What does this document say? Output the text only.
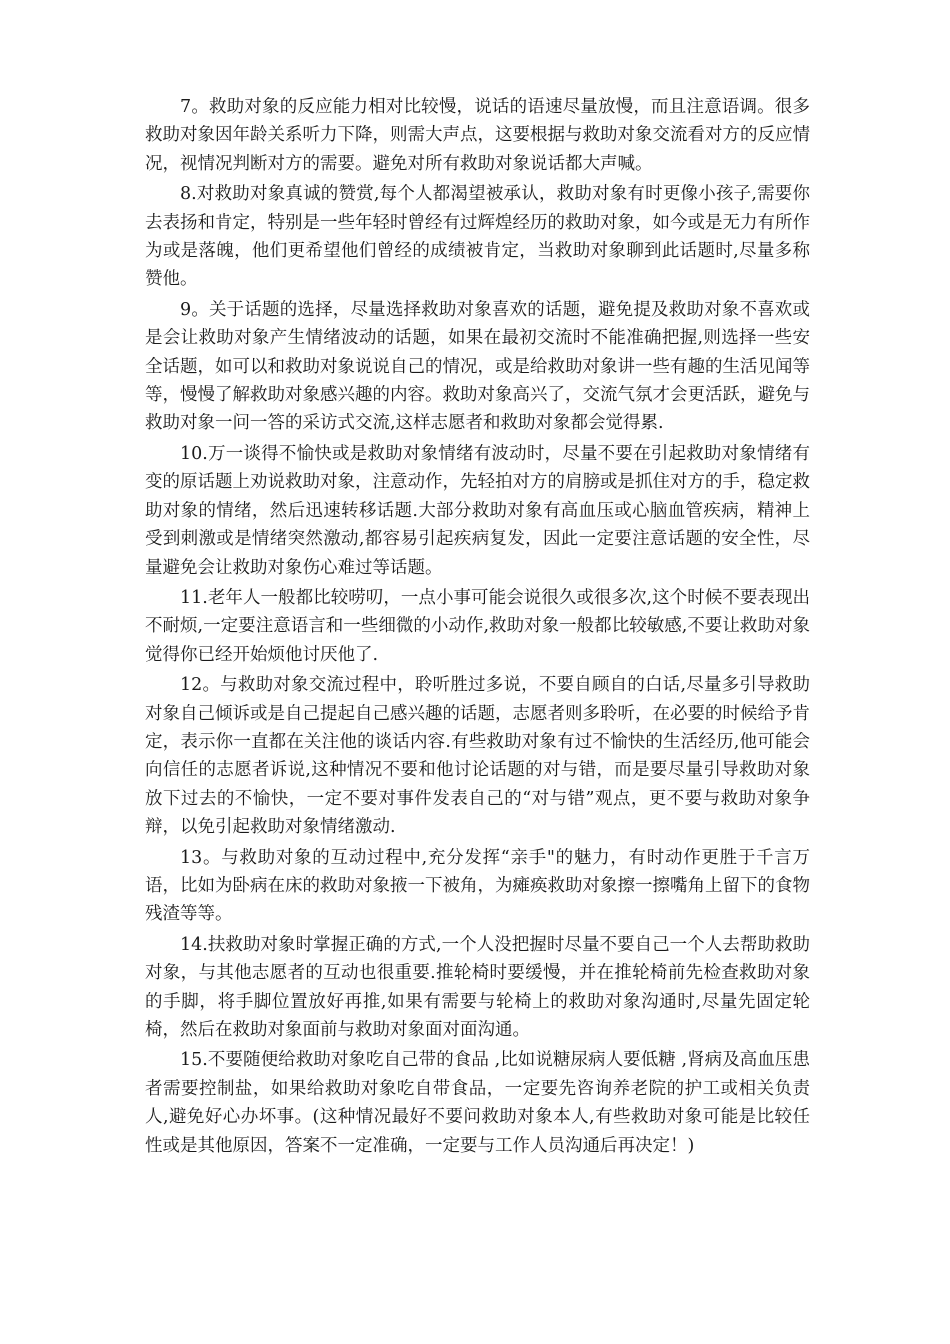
7。救助对象的反应能力相对比较慢，说话的语速尽量放慢，而且注意语调。很多救助对象因年龄关系听力下降，则需大声点，这要根据与救助对象交流看对方的反应情况，视情况判断对方的需要。避免对所有救助对象说话都大声喊。

8.对救助对象真诚的赞赏,每个人都渴望被承认，救助对象有时更像小孩子,需要你去表扬和肯定，特别是一些年轻时曾经有过辉煌经历的救助对象，如今或是无力有所作为或是落魄，他们更希望他们曾经的成绩被肯定，当救助对象聊到此话题时,尽量多称赞他。

9。关于话题的选择，尽量选择救助对象喜欢的话题，避免提及救助对象不喜欢或是会让救助对象产生情绪波动的话题，如果在最初交流时不能准确把握,则选择一些安全话题，如可以和救助对象说说自己的情况，或是给救助对象讲一些有趣的生活见闻等等，慢慢了解救助对象感兴趣的内容。救助对象高兴了，交流气氛才会更活跃，避免与救助对象一问一答的采访式交流,这样志愿者和救助对象都会觉得累.

10.万一谈得不愉快或是救助对象情绪有波动时，尽量不要在引起救助对象情绪有变的原话题上劝说救助对象，注意动作，先轻拍对方的肩膀或是抓住对方的手，稳定救助对象的情绪，然后迅速转移话题.大部分救助对象有高血压或心脑血管疾病，精神上受到刺激或是情绪突然激动,都容易引起疾病复发，因此一定要注意话题的安全性，尽量避免会让救助对象伤心难过等话题。

11.老年人一般都比较唠叨，一点小事可能会说很久或很多次,这个时候不要表现出不耐烦,一定要注意语言和一些细微的小动作,救助对象一般都比较敏感,不要让救助对象觉得你已经开始烦他讨厌他了.

12。与救助对象交流过程中，聆听胜过多说，不要自顾自的白话,尽量多引导救助对象自己倾诉或是自己提起自己感兴趣的话题，志愿者则多聆听，在必要的时候给予肯定，表示你一直都在关注他的谈话内容.有些救助对象有过不愉快的生活经历,他可能会向信任的志愿者诉说,这种情况不要和他讨论话题的对与错，而是要尽量引导救助对象放下过去的不愉快，一定不要对事件发表自己的“对与错”观点，更不要与救助对象争辩，以免引起救助对象情绪激动.

13。与救助对象的互动过程中,充分发挥“亲手"的魅力，有时动作更胜于千言万语，比如为卧病在床的救助对象掖一下被角，为瘫痪救助对象擦一擦嘴角上留下的食物残渣等等。

14.扶救助对象时掌握正确的方式,一个人没把握时尽量不要自己一个人去帮助救助对象，与其他志愿者的互动也很重要.推轮椅时要缓慢，并在推轮椅前先检查救助对象的手脚，将手脚位置放好再推,如果有需要与轮椅上的救助对象沟通时,尽量先固定轮椅，然后在救助对象面前与救助对象面对面沟通。

15.不要随便给救助对象吃自己带的食品 ,比如说糖尿病人要低糖 ,肾病及高血压患者需要控制盐，如果给救助对象吃自带食品，一定要先咨询养老院的护工或相关负责人,避免好心办坏事。(这种情况最好不要问救助对象本人,有些救助对象可能是比较任性或是其他原因，答案不一定准确，一定要与工作人员沟通后再决定！)
